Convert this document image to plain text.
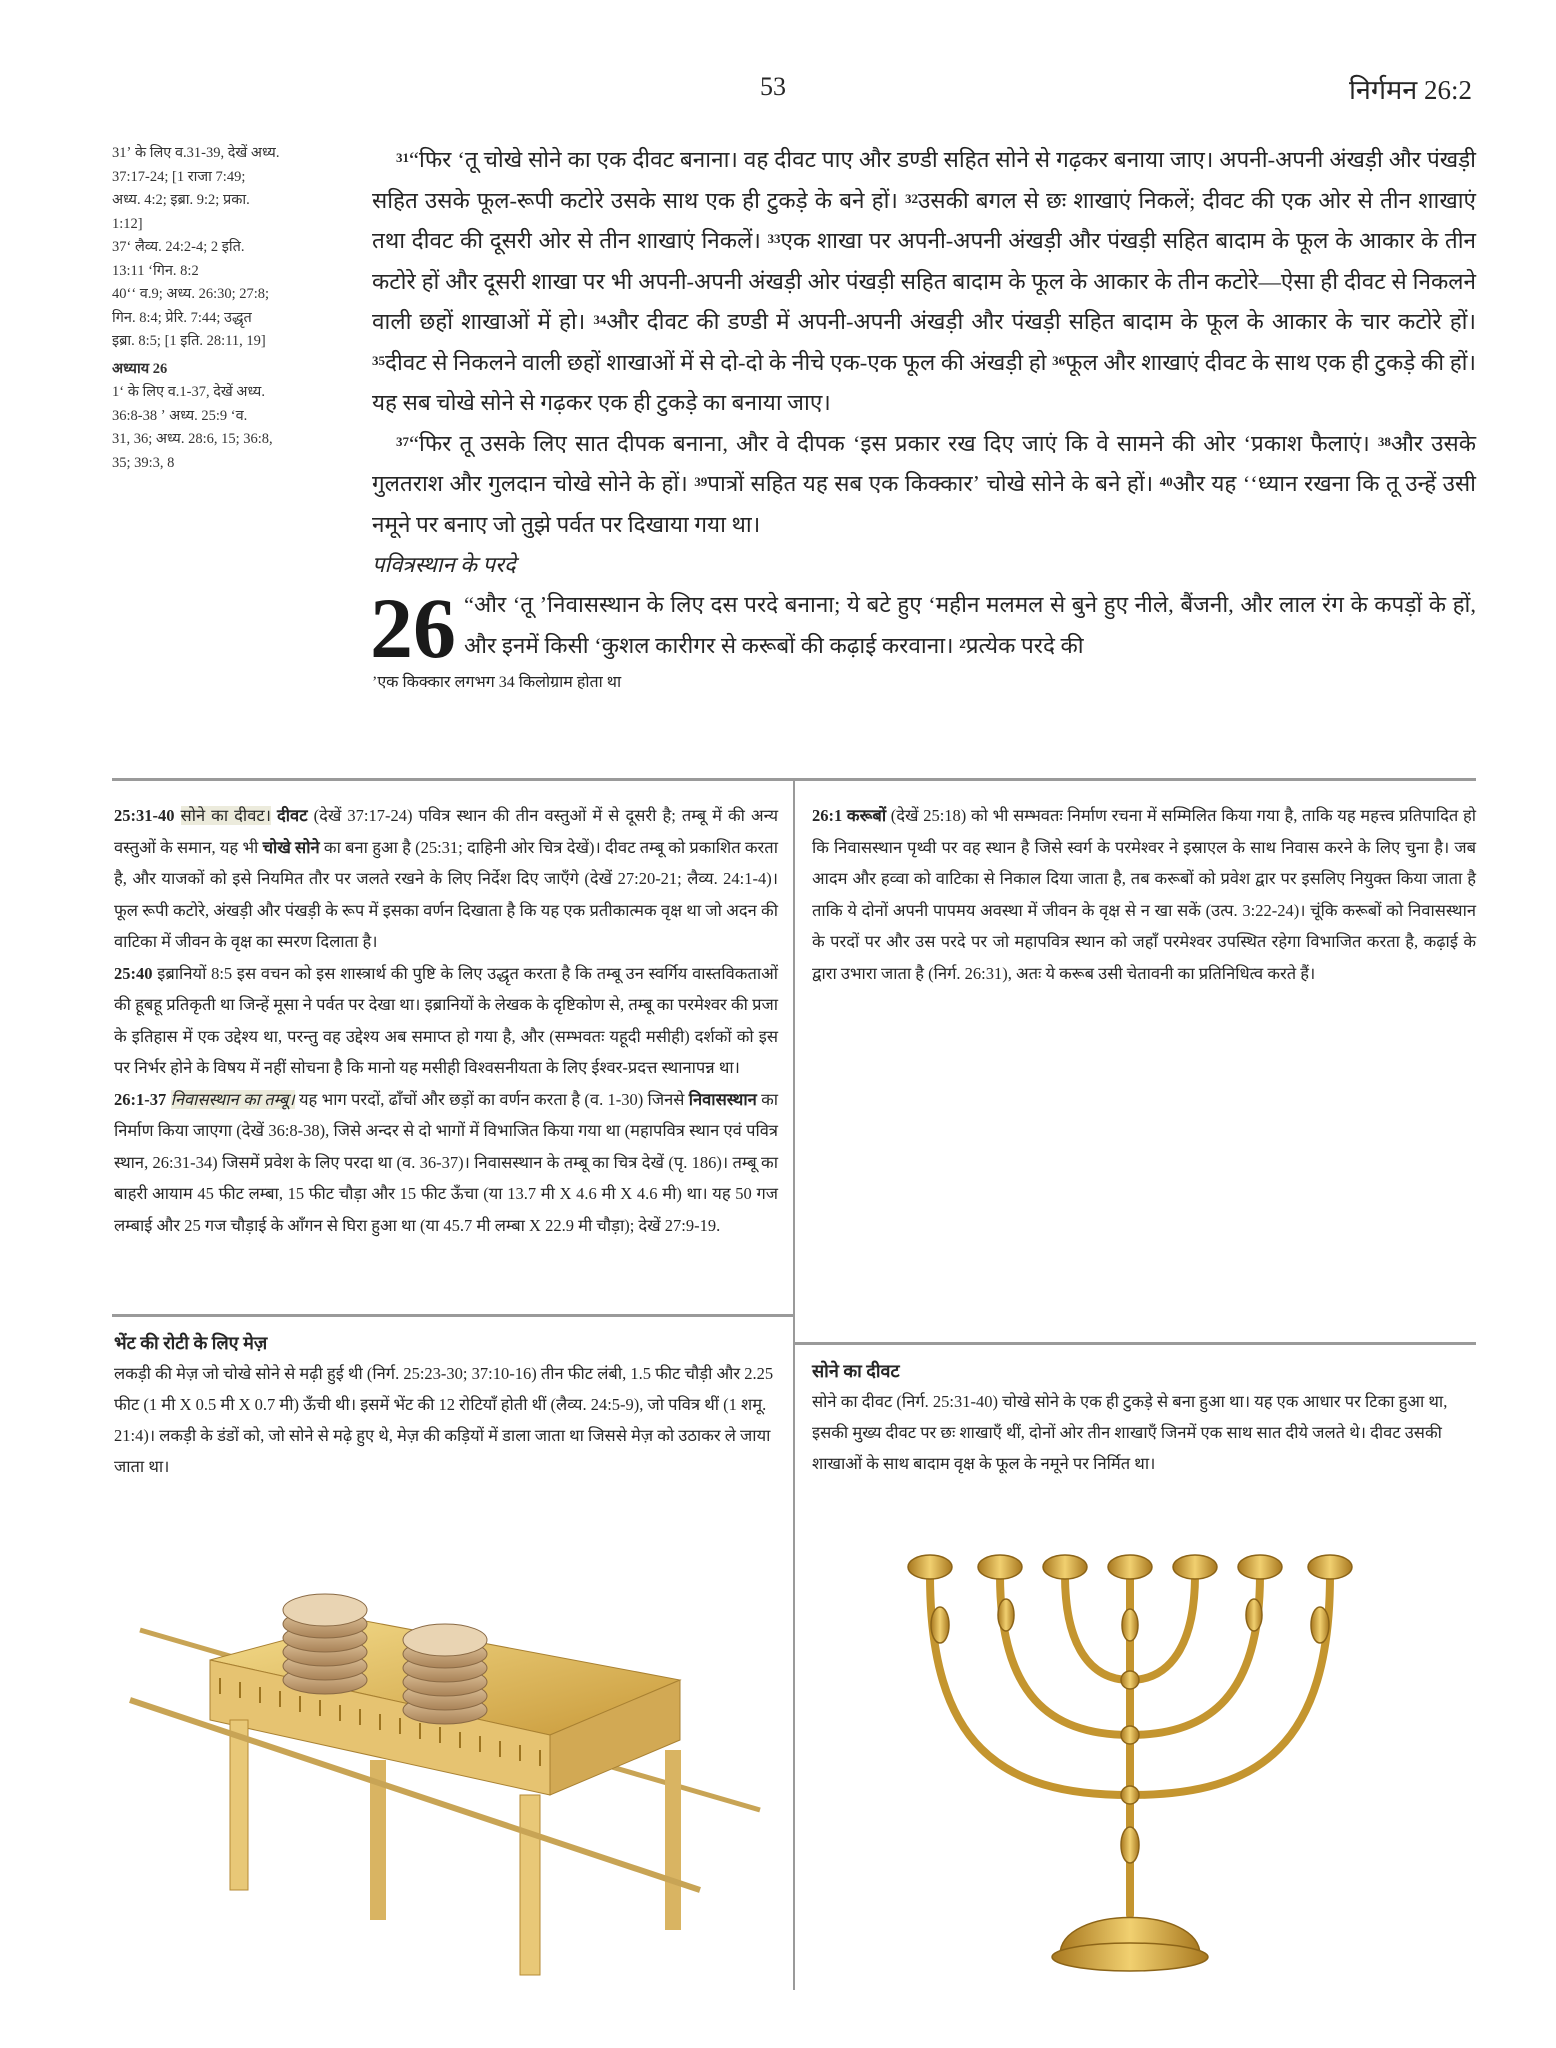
53	निर्गमन 26:2
31ʼ के लिए व.31-39, देखें अध्य.
37:17-24; [1 राजा 7:49;
अध्य. 4:2; इब्रा. 9:2; प्रका.
1:12]
37ʻ लैव्य. 24:2-4; 2 इति.
13:11 ʻगिन. 8:2
40ʻʻ व.9; अध्य. 26:30; 27:8;
गिन. 8:4; प्रेरि. 7:44; उद्धृत
इब्रा. 8:5; [1 इति. 28:11, 19]
अध्याय 26
1ʻ के लिए व.1-37, देखें अध्य.
36:8-38 ʼ अध्य. 25:9 ʻव.
31, 36; अध्य. 28:6, 15; 36:8,
35; 39:3, 8

$^{31}$“फिर ʻतू चोखे सोने का एक दीवट बनाना। वह दीवट पाए और डण्डी सहित सोने से गढ़कर बनाया जाए। अपनी-अपनी अंखड़ी और पंखड़ी सहित उसके फूल-रूपी कटोरे उसके साथ एक ही टुकड़े के बने हों। $^{32}$उसकी बगल से छः शाखाएं निकलें; दीवट की एक ओर से तीन शाखाएं तथा दीवट की दूसरी ओर से तीन शाखाएं निकलें। $^{33}$एक शाखा पर अपनी-अपनी अंखड़ी और पंखड़ी सहित बादाम के फूल के आकार के तीन कटोरे हों और दूसरी शाखा पर भी अपनी-अपनी अंखड़ी ओर पंखड़ी सहित बादाम के फूल के आकार के तीन कटोरे—ऐसा ही दीवट से निकलने वाली छहों शाखाओं में हो। $^{34}$और दीवट की डण्डी में अपनी-अपनी अंखड़ी और पंखड़ी सहित बादाम के फूल के आकार के चार कटोरे हों। $^{35}$दीवट से निकलने वाली छहों शाखाओं में से दो-दो के नीचे एक-एक फूल की अंखड़ी हो $^{36}$फूल और शाखाएं दीवट के साथ एक ही टुकड़े की हों। यह सब चोखे सोने से गढ़कर एक ही टुकड़े का बनाया जाए।

$^{37}$“फिर तू उसके लिए सात दीपक बनाना, और वे दीपक ʻइस प्रकार रख दिए जाएं कि वे सामने की ओर ʻप्रकाश फैलाएं। $^{38}$और उसके गुलतराश और गुलदान चोखे सोने के हों। $^{39}$पात्रों सहित यह सब एक किक्कारʼ चोखे सोने के बने हों। $^{40}$और यह ʻʻध्यान रखना कि तू उन्हें उसी नमूने पर बनाए जो तुझे पर्वत पर दिखाया गया था।

पवित्रस्थान के परदे

26 “और ʻतू ʼनिवासस्थान के लिए दस परदे बनाना; ये बटे हुए ʻमहीन मलमल से बुने हुए नीले, बैंजनी, और लाल रंग के कपड़ों के हों, और इनमें किसी ʻकुशल कारीगर से करूबों की कढ़ाई करवाना। $^2$प्रत्येक परदे की

ʼएक किक्कार लगभग 34 किलोग्राम होता था

25:31-40 सोने का दीवट। दीवट (देखें 37:17-24) पवित्र स्थान की तीन वस्तुओं में से दूसरी है; तम्बू में की अन्य वस्तुओं के समान, यह भी चोखे सोने का बना हुआ है (25:31; दाहिनी ओर चित्र देखें)। दीवट तम्बू को प्रकाशित करता है, और याजकों को इसे नियमित तौर पर जलते रखने के लिए निर्देश दिए जाएँगे (देखें 27:20-21; लैव्य. 24:1-4)। फूल रूपी कटोरे, अंखड़ी और पंखड़ी के रूप में इसका वर्णन दिखाता है कि यह एक प्रतीकात्मक वृक्ष था जो अदन की वाटिका में जीवन के वृक्ष का स्मरण दिलाता है।

25:40 इब्रानियों 8:5 इस वचन को इस शास्त्रार्थ की पुष्टि के लिए उद्धृत करता है कि तम्बू उन स्वर्गिय वास्तविकताओं की हूबहू प्रतिकृती था जिन्हें मूसा ने पर्वत पर देखा था। इब्रानियों के लेखक के दृष्टिकोण से, तम्बू का परमेश्वर की प्रजा के इतिहास में एक उद्देश्य था, परन्तु वह उद्देश्य अब समाप्त हो गया है, और (सम्भवतः यहूदी मसीही) दर्शकों को इस पर निर्भर होने के विषय में नहीं सोचना है कि मानो यह मसीही विश्वसनीयता के लिए ईश्वर-प्रदत्त स्थानापन्न था।

26:1-37 निवासस्थान का तम्बू। यह भाग परदों, ढाँचों और छड़ों का वर्णन करता है (व. 1-30) जिनसे निवासस्थान का निर्माण किया जाएगा (देखें 36:8-38), जिसे अन्दर से दो भागों में विभाजित किया गया था (महापवित्र स्थान एवं पवित्र स्थान, 26:31-34) जिसमें प्रवेश के लिए परदा था (व. 36-37)। निवासस्थान के तम्बू का चित्र देखें (पृ. 186)। तम्बू का बाहरी आयाम 45 फीट लम्बा, 15 फीट चौड़ा और 15 फीट ऊँचा (या 13.7 मी X 4.6 मी X 4.6 मी) था। यह 50 गज लम्बाई और 25 गज चौड़ाई के आँगन से घिरा हुआ था (या 45.7 मी लम्बा X 22.9 मी चौड़ा); देखें 27:9-19.

26:1 करूबों (देखें 25:18) को भी सम्भवतः निर्माण रचना में सम्मिलित किया गया है, ताकि यह महत्त्व प्रतिपादित हो कि निवासस्थान पृथ्वी पर वह स्थान है जिसे स्वर्ग के परमेश्वर ने इस्राएल के साथ निवास करने के लिए चुना है। जब आदम और हव्वा को वाटिका से निकाल दिया जाता है, तब करूबों को प्रवेश द्वार पर इसलिए नियुक्त किया जाता है ताकि ये दोनों अपनी पापमय अवस्था में जीवन के वृक्ष से न खा सकें (उत्प. 3:22-24)। चूंकि करूबों को निवासस्थान के परदों पर और उस परदे पर जो महापवित्र स्थान को जहाँ परमेश्वर उपस्थित रहेगा विभाजित करता है, कढ़ाई के द्वारा उभारा जाता है (निर्ग. 26:31), अतः ये करूब उसी चेतावनी का प्रतिनिधित्व करते हैं।

भेंट की रोटी के लिए मेज़

लकड़ी की मेज़ जो चोखे सोने से मढ़ी हुई थी (निर्ग. 25:23-30; 37:10-16) तीन फीट लंबी, 1.5 फीट चौड़ी और 2.25 फीट (1 मी X 0.5 मी X 0.7 मी) ऊँची थी। इसमें भेंट की 12 रोटियाँ होती थीं (लैव्य. 24:5-9), जो पवित्र थीं (1 शमू. 21:4)। लकड़ी के डंडों को, जो सोने से मढ़े हुए थे, मेज़ की कड़ियों में डाला जाता था जिससे मेज़ को उठाकर ले जाया जाता था।

सोने का दीवट

सोने का दीवट (निर्ग. 25:31-40) चोखे सोने के एक ही टुकड़े से बना हुआ था। यह एक आधार पर टिका हुआ था, इसकी मुख्य दीवट पर छः शाखाएँ थीं, दोनों ओर तीन शाखाएँ जिनमें एक साथ सात दीये जलते थे। दीवट उसकी शाखाओं के साथ बादाम वृक्ष के फूल के नमूने पर निर्मित था।
